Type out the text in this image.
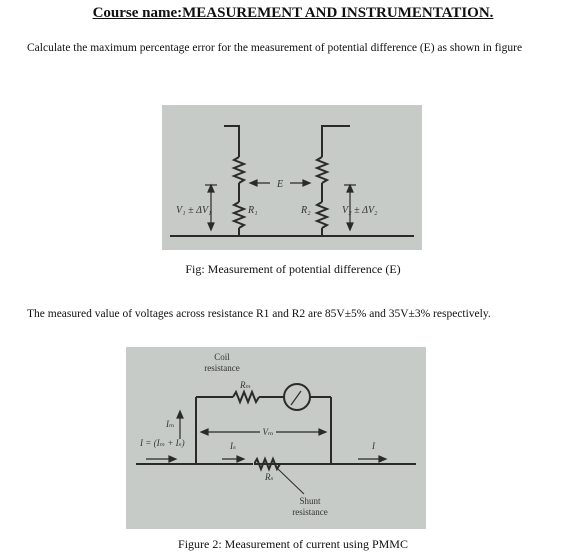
Course name:MEASUREMENT AND INSTRUMENTATION.
Calculate the maximum percentage error for the measurement of potential difference (E) as shown in figure
E
V₁ ± ΔV₁	R₁	R₂	V₂ ± ΔV₂
Fig: Measurement of potential difference (E)
The measured value of voltages across resistance R1 and R2 are 85V±5% and 35V±3% respectively.
Vₘ
Coil
resistance
Rₘ
Iₘ
I = (Iₘ + Iₛ)	Iₛ	I
Rₛ
Shunt
resistance
Figure 2: Measurement of current using PMMC
